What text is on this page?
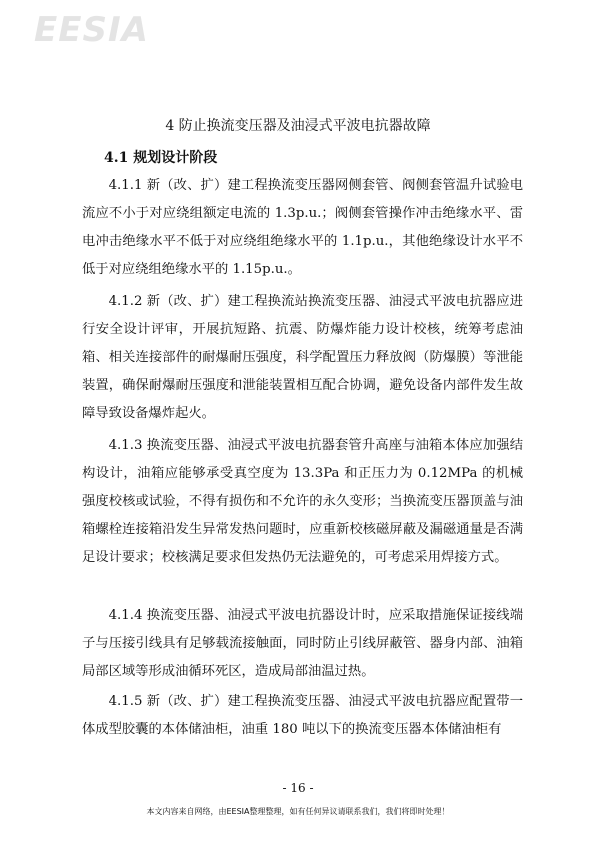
EESIA
4 防止换流变压器及油浸式平波电抗器故障
4.1 规划设计阶段

4.1.1 新（改、扩）建工程换流变压器网侧套管、阀侧套管温升试验电流应不小于对应绕组额定电流的 1.3p.u.；阀侧套管操作冲击绝缘水平、雷电冲击绝缘水平不低于对应绕组绝缘水平的 1.1p.u.，其他绝缘设计水平不低于对应绕组绝缘水平的 1.15p.u.。

4.1.2 新（改、扩）建工程换流站换流变压器、油浸式平波电抗器应进行安全设计评审，开展抗短路、抗震、防爆炸能力设计校核，统筹考虑油箱、相关连接部件的耐爆耐压强度，科学配置压力释放阀（防爆膜）等泄能装置，确保耐爆耐压强度和泄能装置相互配合协调，避免设备内部件发生故障导致设备爆炸起火。

4.1.3 换流变压器、油浸式平波电抗器套管升高座与油箱本体应加强结构设计，油箱应能够承受真空度为 13.3Pa 和正压力为 0.12MPa 的机械强度校核或试验，不得有损伤和不允许的永久变形；当换流变压器顶盖与油箱螺栓连接箱沿发生异常发热问题时，应重新校核磁屏蔽及漏磁通量是否满足设计要求；校核满足要求但发热仍无法避免的，可考虑采用焊接方式。

4.1.4 换流变压器、油浸式平波电抗器设计时，应采取措施保证接线端子与压接引线具有足够载流接触面，同时防止引线屏蔽管、器身内部、油箱局部区域等形成油循环死区，造成局部油温过热。

4.1.5 新（改、扩）建工程换流变压器、油浸式平波电抗器应配置带一体成型胶囊的本体储油柜，油重 180 吨以下的换流变压器本体储油柜有

- 16 -
本文内容来自网络，由EESIA整理整理，如有任何异议请联系我们，我们将即时处理！
